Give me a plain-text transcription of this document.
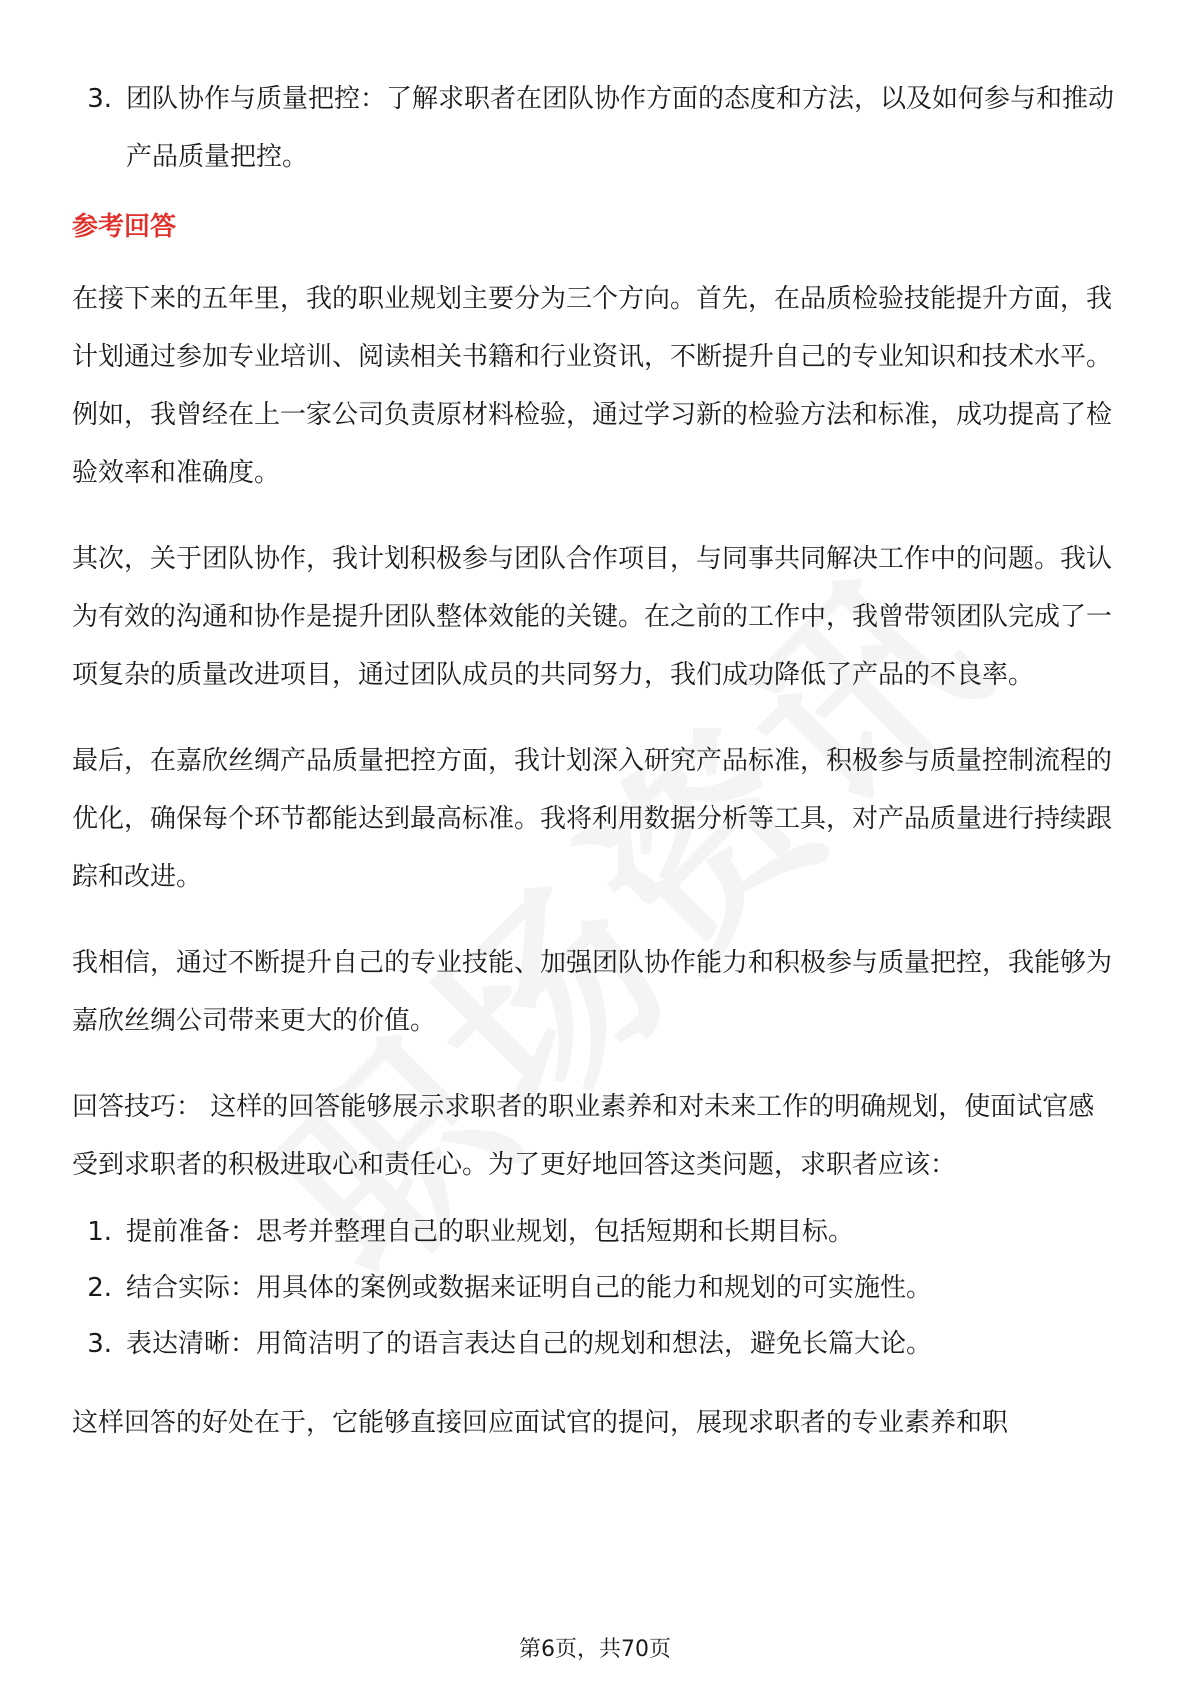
3. 团队协作与质量把控：了解求职者在团队协作方面的态度和方法，以及如何参与和推动产品质量把控。
参考回答

在接下来的五年里，我的职业规划主要分为三个方向。首先，在品质检验技能提升方面，我计划通过参加专业培训、阅读相关书籍和行业资讯，不断提升自己的专业知识和技术水平。例如，我曾经在上一家公司负责原材料检验，通过学习新的检验方法和标准，成功提高了检验效率和准确度。

其次，关于团队协作，我计划积极参与团队合作项目，与同事共同解决工作中的问题。我认为有效的沟通和协作是提升团队整体效能的关键。在之前的工作中，我曾带领团队完成了一项复杂的质量改进项目，通过团队成员的共同努力，我们成功降低了产品的不良率。

最后，在嘉欣丝绸产品质量把控方面，我计划深入研究产品标准，积极参与质量控制流程的优化，确保每个环节都能达到最高标准。我将利用数据分析等工具，对产品质量进行持续跟踪和改进。

我相信，通过不断提升自己的专业技能、加强团队协作能力和积极参与质量把控，我能够为嘉欣丝绸公司带来更大的价值。

回答技巧： 这样的回答能够展示求职者的职业素养和对未来工作的明确规划，使面试官感受到求职者的积极进取心和责任心。为了更好地回答这类问题，求职者应该：

1. 提前准备：思考并整理自己的职业规划，包括短期和长期目标。
2. 结合实际：用具体的案例或数据来证明自己的能力和规划的可实施性。
3. 表达清晰：用简洁明了的语言表达自己的规划和想法，避免长篇大论。

这样回答的好处在于，它能够直接回应面试官的提问，展现求职者的专业素养和职

第6页，共70页
